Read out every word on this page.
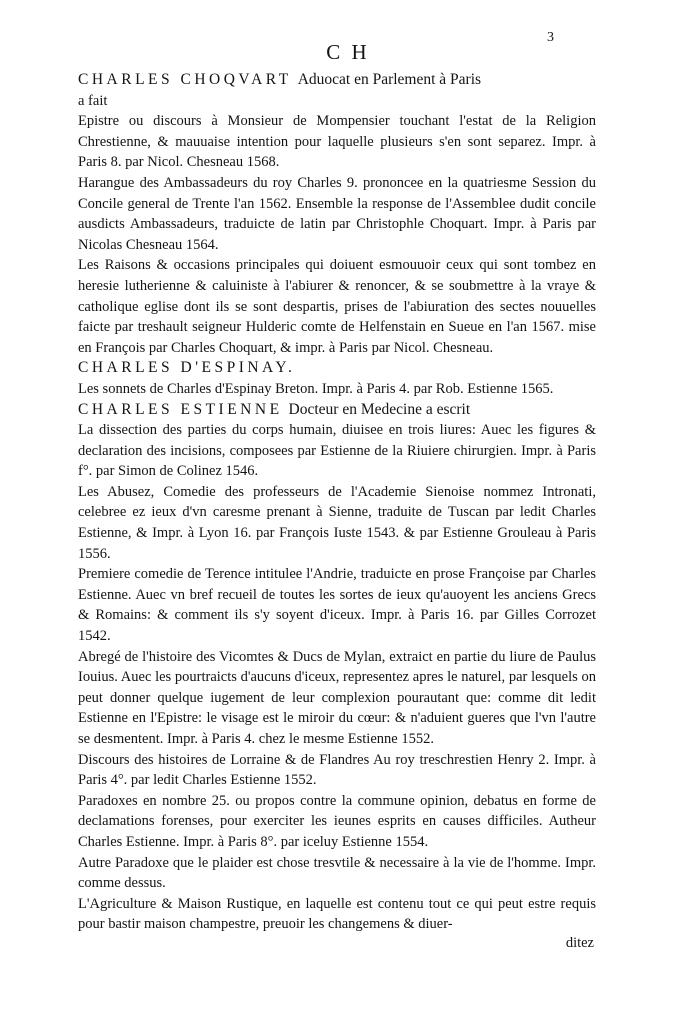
3
C H

CHARLES CHOQVART Aduocat en Parlement à Paris

a fait

Epistre ou discours à Monsieur de Mompensier touchant l'estat de la Religion Chrestienne, & mauuaise intention pour laquelle plusieurs s'en sont separez. Impr. à Paris 8. par Nicol. Chesneau 1568.

Harangue des Ambassadeurs du roy Charles 9. prononcee en la quatriesme Session du Concile general de Trente l'an 1562. Ensemble la response de l'Assemblee dudit concile ausdicts Ambassadeurs, traduicte de latin par Christophle Choquart. Impr. à Paris par Nicolas Chesneau 1564.

Les Raisons & occasions principales qui doiuent esmouuoir ceux qui sont tombez en heresie lutherienne & caluiniste à l'abiurer & renoncer, & se soubmettre à la vraye & catholique eglise dont ils se sont despartis, prises de l'abiuration des sectes nouuelles faicte par treshault seigneur Hulderic comte de Helfenstain en Sueue en l'an 1567. mise en François par Charles Choquart, & impr. à Paris par Nicol. Chesneau.

CHARLES D'ESPINAY.

Les sonnets de Charles d'Espinay Breton. Impr. à Paris 4. par Rob. Estienne 1565.

CHARLES ESTIENNE Docteur en Medecine a escrit

La dissection des parties du corps humain, diuisee en trois liures: Auec les figures & declaration des incisions, composees par Estienne de la Riuiere chirurgien. Impr. à Paris f°. par Simon de Colinez 1546.

Les Abusez, Comedie des professeurs de l'Academie Sienoise nommez Intronati, celebree ez ieux d'vn caresme prenant à Sienne, traduite de Tuscan par ledit Charles Estienne, & Impr. à Lyon 16. par François Iuste 1543. & par Estienne Grouleau à Paris 1556.

Premiere comedie de Terence intitulee l'Andrie, traduicte en prose Françoise par Charles Estienne. Auec vn bref recueil de toutes les sortes de ieux qu'auoyent les anciens Grecs & Romains: & comment ils s'y soyent d'iceux. Impr. à Paris 16. par Gilles Corrozet 1542.

Abregé de l'histoire des Vicomtes & Ducs de Mylan, extraict en partie du liure de Paulus Iouius. Auec les pourtraicts d'aucuns d'iceux, representez apres le naturel, par lesquels on peut donner quelque iugement de leur complexion pourautant que: comme dit ledit Estienne en l'Epistre: le visage est le miroir du cœur: & n'aduient gueres que l'vn l'autre se desmentent. Impr. à Paris 4. chez le mesme Estienne 1552.

Discours des histoires de Lorraine & de Flandres Au roy treschrestien Henry 2. Impr. à Paris 4°. par ledit Charles Estienne 1552.

Paradoxes en nombre 25. ou propos contre la commune opinion, debatus en forme de declamations forenses, pour exerciter les ieunes esprits en causes difficiles. Autheur Charles Estienne. Impr. à Paris 8°. par iceluy Estienne 1554.

Autre Paradoxe que le plaider est chose tresvtile & necessaire à la vie de l'homme. Impr. comme dessus.

L'Agriculture & Maison Rustique, en laquelle est contenu tout ce qui peut estre requis pour bastir maison champestre, preuoir les changemens & diuer-

ditez
